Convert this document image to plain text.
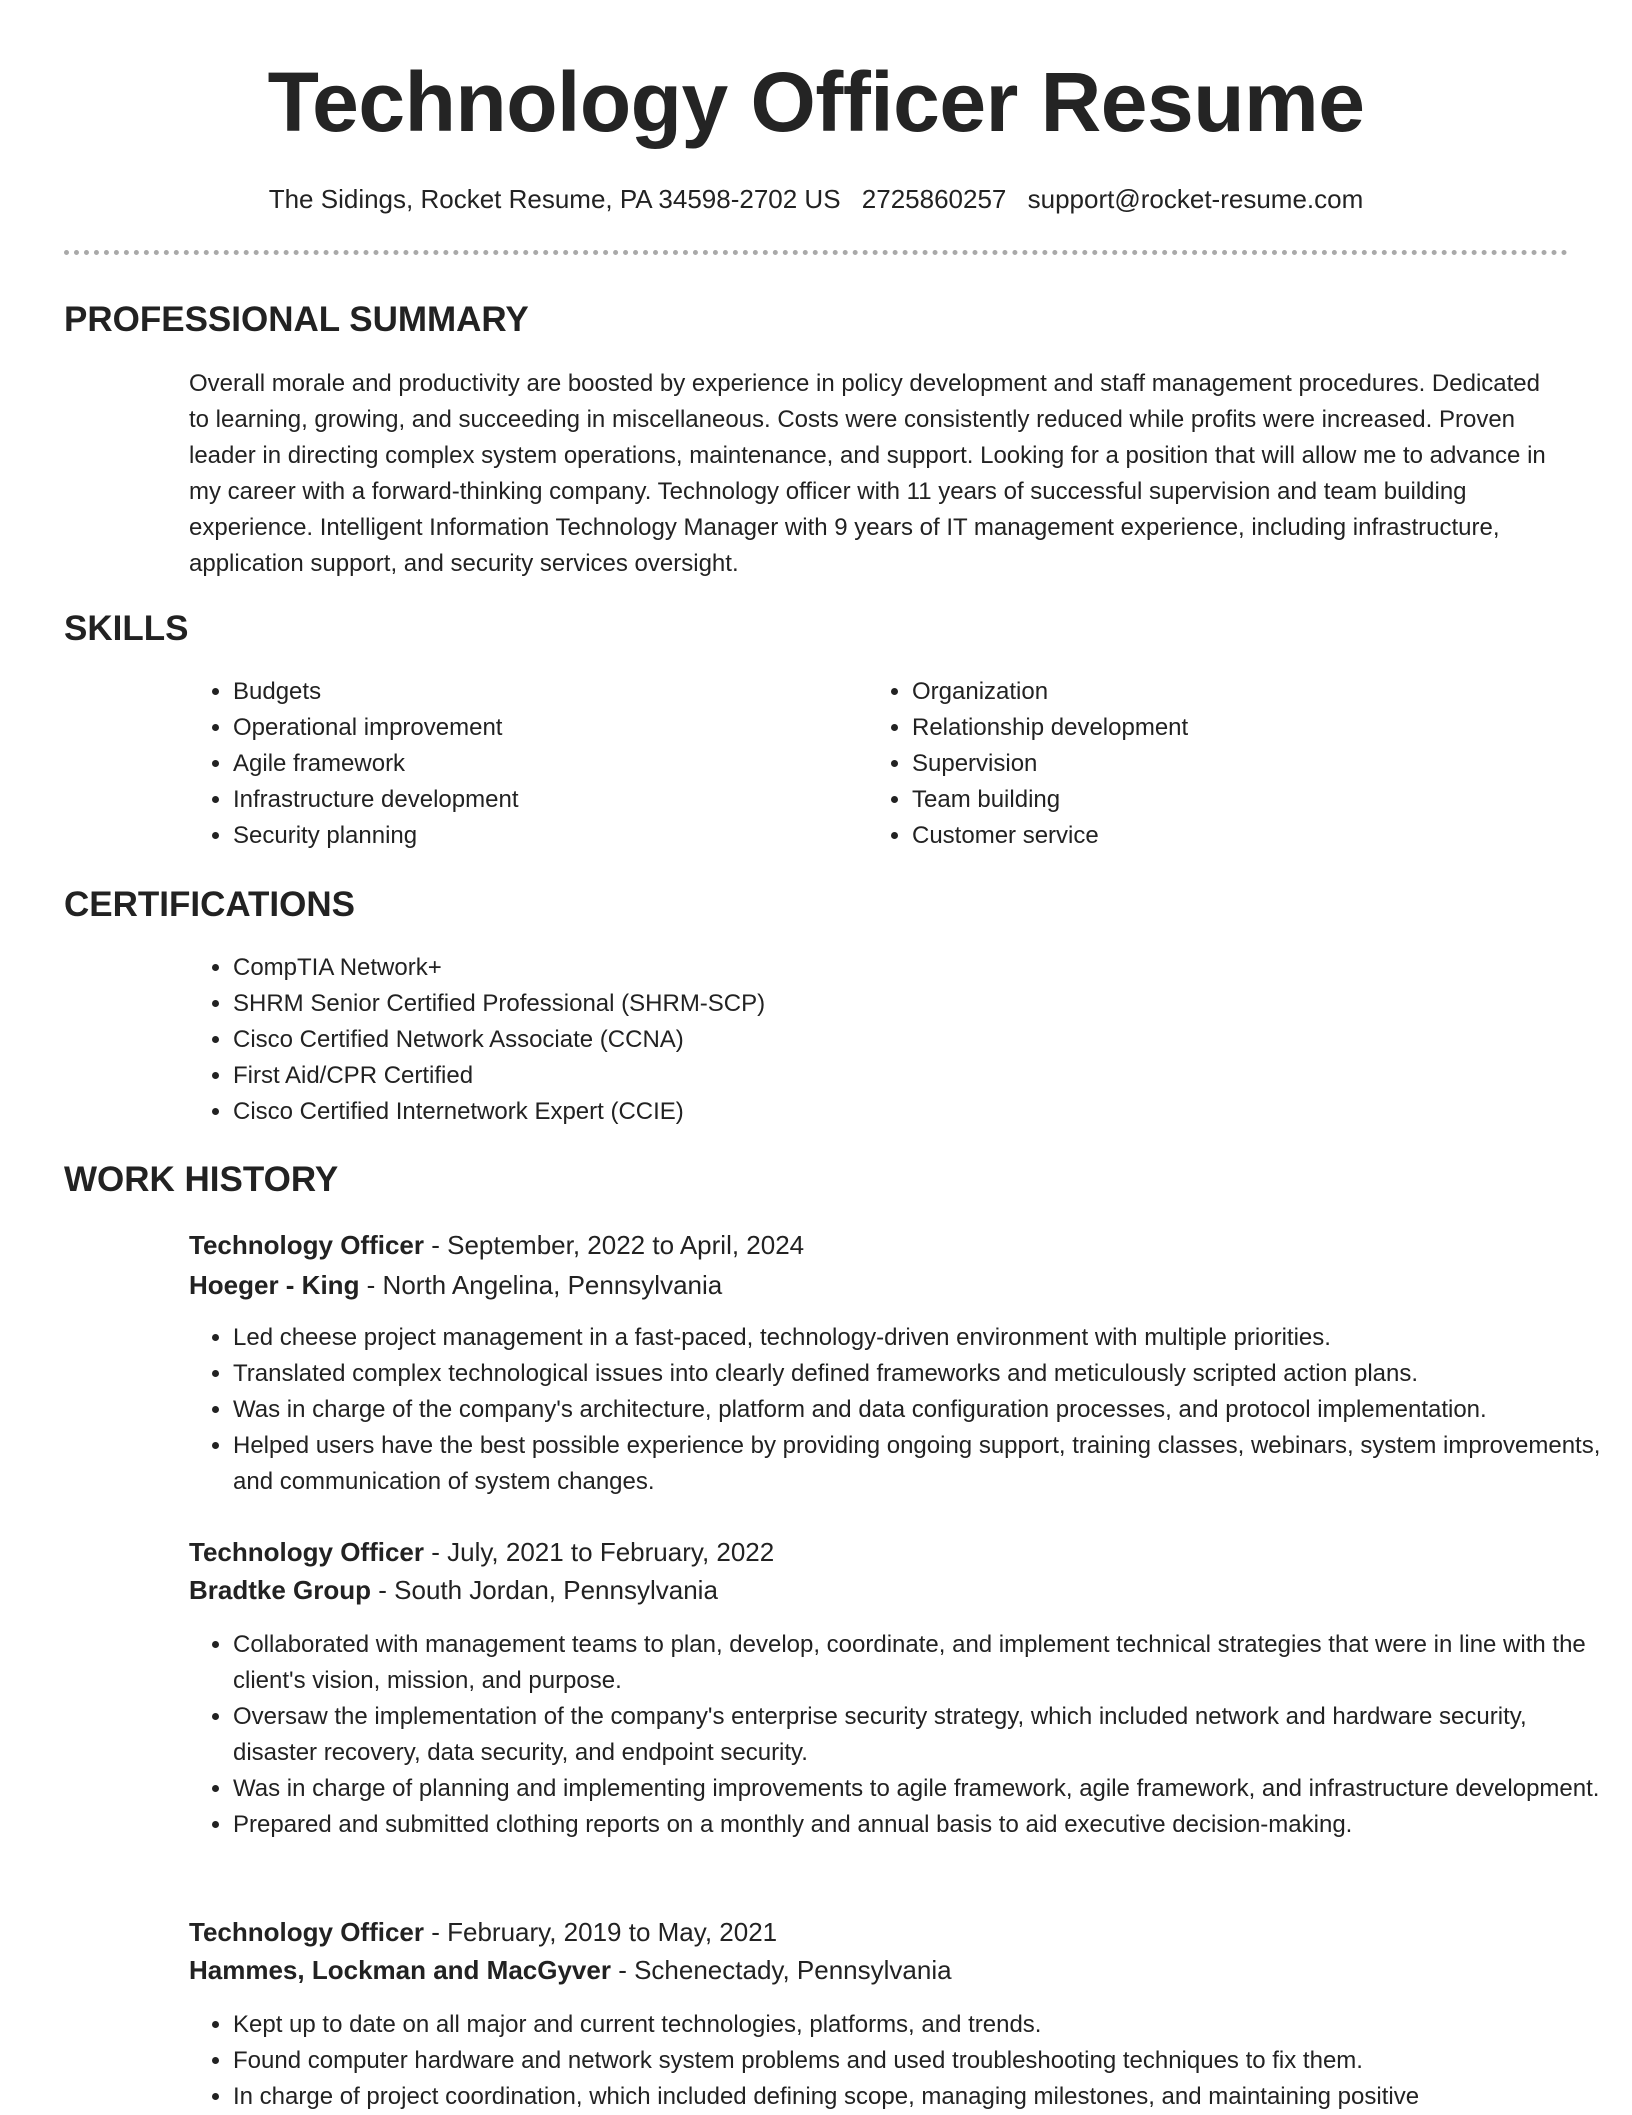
Technology Officer Resume
The Sidings, Rocket Resume, PA 34598-2702 US 2725860257 support@rocket-resume.com
PROFESSIONAL SUMMARY

Overall morale and productivity are boosted by experience in policy development and staff management procedures. Dedicated to learning, growing, and succeeding in miscellaneous. Costs were consistently reduced while profits were increased. Proven leader in directing complex system operations, maintenance, and support. Looking for a position that will allow me to advance in my career with a forward-thinking company. Technology officer with 11 years of successful supervision and team building experience. Intelligent Information Technology Manager with 9 years of IT management experience, including infrastructure, application support, and security services oversight.

SKILLS
• Budgets
• Operational improvement
• Agile framework
• Infrastructure development
• Security planning
• Organization
• Relationship development
• Supervision
• Team building
• Customer service
CERTIFICATIONS
• CompTIA Network+
• SHRM Senior Certified Professional (SHRM-SCP)
• Cisco Certified Network Associate (CCNA)
• First Aid/CPR Certified
• Cisco Certified Internetwork Expert (CCIE)
WORK HISTORY
Technology Officer - September, 2022 to April, 2024
Hoeger - King - North Angelina, Pennsylvania
• Led cheese project management in a fast-paced, technology-driven environment with multiple priorities.
• Translated complex technological issues into clearly defined frameworks and meticulously scripted action plans.
• Was in charge of the company's architecture, platform and data configuration processes, and protocol implementation.
• Helped users have the best possible experience by providing ongoing support, training classes, webinars, system improvements, and communication of system changes.
Technology Officer - July, 2021 to February, 2022
Bradtke Group - South Jordan, Pennsylvania
• Collaborated with management teams to plan, develop, coordinate, and implement technical strategies that were in line with the client's vision, mission, and purpose.
• Oversaw the implementation of the company's enterprise security strategy, which included network and hardware security, disaster recovery, data security, and endpoint security.
• Was in charge of planning and implementing improvements to agile framework, agile framework, and infrastructure development.
• Prepared and submitted clothing reports on a monthly and annual basis to aid executive decision-making.
Technology Officer - February, 2019 to May, 2021
Hammes, Lockman and MacGyver - Schenectady, Pennsylvania
• Kept up to date on all major and current technologies, platforms, and trends.
• Found computer hardware and network system problems and used troubleshooting techniques to fix them.
• In charge of project coordination, which included defining scope, managing milestones, and maintaining positive
